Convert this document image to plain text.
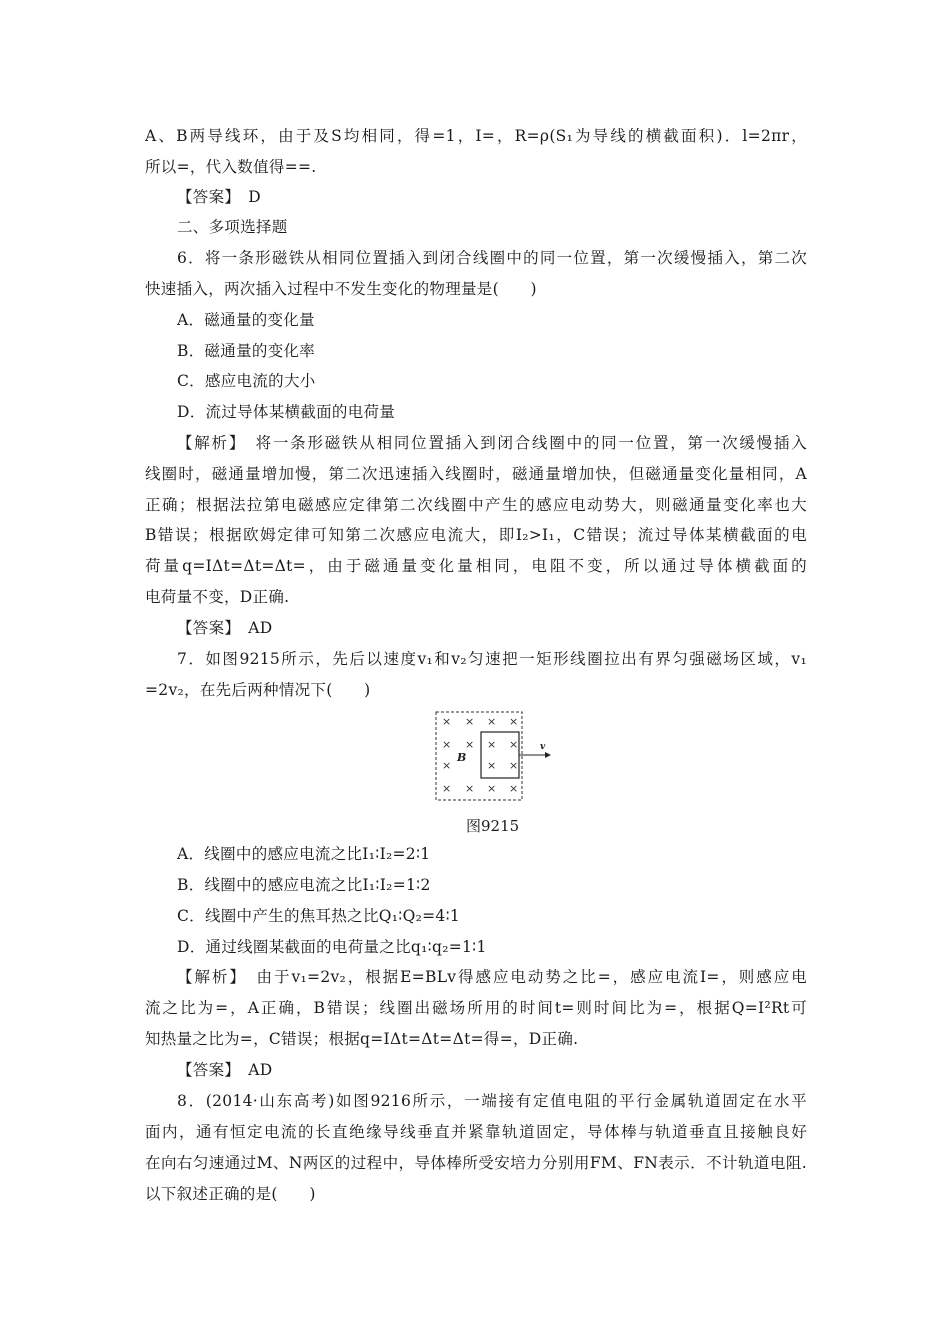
A、B两导线环，由于及S均相同，得=1，I=，R=ρ(S₁为导线的横截面积)．l=2πr，
所以=，代入数值得==.
【答案】　D
二、多项选择题
6．将一条形磁铁从相同位置插入到闭合线圈中的同一位置，第一次缓慢插入，第二次
快速插入，两次插入过程中不发生变化的物理量是(　　)
A．磁通量的变化量
B．磁通量的变化率
C．感应电流的大小
D．流过导体某横截面的电荷量
【解析】　将一条形磁铁从相同位置插入到闭合线圈中的同一位置，第一次缓慢插入
线圈时，磁通量增加慢，第二次迅速插入线圈时，磁通量增加快，但磁通量变化量相同，A
正确；根据法拉第电磁感应定律第二次线圈中产生的感应电动势大，则磁通量变化率也大
B错误；根据欧姆定律可知第二次感应电流大，即I₂>I₁，C错误；流过导体某横截面的电
荷量q=IΔt=Δt=Δt=，由于磁通量变化量相同，电阻不变，所以通过导体横截面的
电荷量不变，D正确.
【答案】　AD
7．如图9215所示，先后以速度v₁和v₂匀速把一矩形线圈拉出有界匀强磁场区域，v₁
=2v₂，在先后两种情况下(　　)
× × × ×
× × × ×
×	× ×
× × × ×
B
v
图9215
A．线圈中的感应电流之比I₁∶I₂=2∶1
B．线圈中的感应电流之比I₁∶I₂=1∶2
C．线圈中产生的焦耳热之比Q₁∶Q₂=4∶1
D．通过线圈某截面的电荷量之比q₁∶q₂=1∶1
【解析】　由于v₁=2v₂，根据E=BLv得感应电动势之比=，感应电流I=，则感应电
流之比为=，A正确，B错误；线圈出磁场所用的时间t=则时间比为=，根据Q=I²Rt可
知热量之比为=，C错误；根据q=IΔt=Δt=Δt=得=，D正确.
【答案】　AD
8．(2014·山东高考)如图9216所示，一端接有定值电阻的平行金属轨道固定在水平
面内，通有恒定电流的长直绝缘导线垂直并紧靠轨道固定，导体棒与轨道垂直且接触良好
在向右匀速通过M、N两区的过程中，导体棒所受安培力分别用FM、FN表示．不计轨道电阻.
以下叙述正确的是(　　)
